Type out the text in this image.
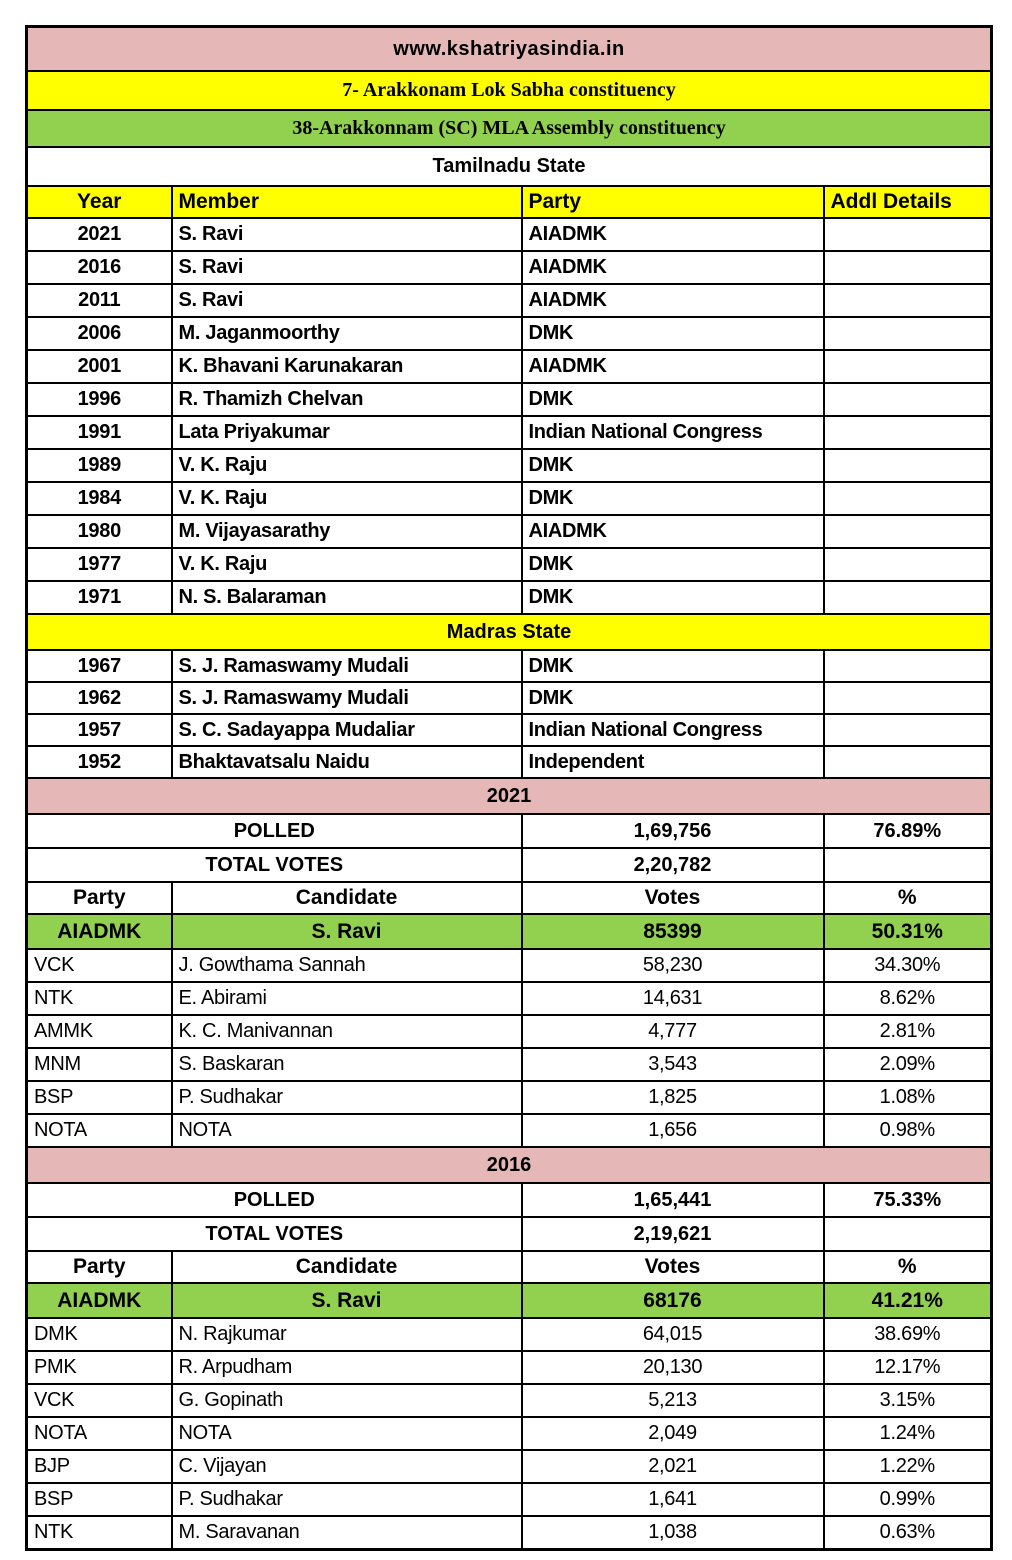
www.kshatriyasindia.in			
7- Arakkonam Lok Sabha constituency			
38-Arakkonnam (SC) MLA Assembly constituency			
Tamilnadu State			
Year	Member	Party	Addl Details
2021	S. Ravi	AIADMK	
2016	S. Ravi	AIADMK	
2011	S. Ravi	AIADMK	
2006	M. Jaganmoorthy	DMK	
2001	K. Bhavani Karunakaran	AIADMK	
1996	R. Thamizh Chelvan	DMK	
1991	Lata Priyakumar	Indian National Congress	
1989	V. K. Raju	DMK	
1984	V. K. Raju	DMK	
1980	M. Vijayasarathy	AIADMK	
1977	V. K. Raju	DMK	
1971	N. S. Balaraman	DMK	
Madras State			
1967	S. J. Ramaswamy Mudali	DMK	
1962	S. J. Ramaswamy Mudali	DMK	
1957	S. C. Sadayappa Mudaliar	Indian National Congress	
1952	Bhaktavatsalu Naidu	Independent	
2021			
POLLED		1,69,756	76.89%
TOTAL VOTES		2,20,782	
Party	Candidate	Votes	%
AIADMK	S. Ravi	85399	50.31%
VCK	J. Gowthama Sannah	58,230	34.30%
NTK	E. Abirami	14,631	8.62%
AMMK	K. C. Manivannan	4,777	2.81%
MNM	S. Baskaran	3,543	2.09%
BSP	P. Sudhakar	1,825	1.08%
NOTA	NOTA	1,656	0.98%
2016			
POLLED		1,65,441	75.33%
TOTAL VOTES		2,19,621	
Party	Candidate	Votes	%
AIADMK	S. Ravi	68176	41.21%
DMK	N. Rajkumar	64,015	38.69%
PMK	R. Arpudham	20,130	12.17%
VCK	G. Gopinath	5,213	3.15%
NOTA	NOTA	2,049	1.24%
BJP	C. Vijayan	2,021	1.22%
BSP	P. Sudhakar	1,641	0.99%
NTK	M. Saravanan	1,038	0.63%
